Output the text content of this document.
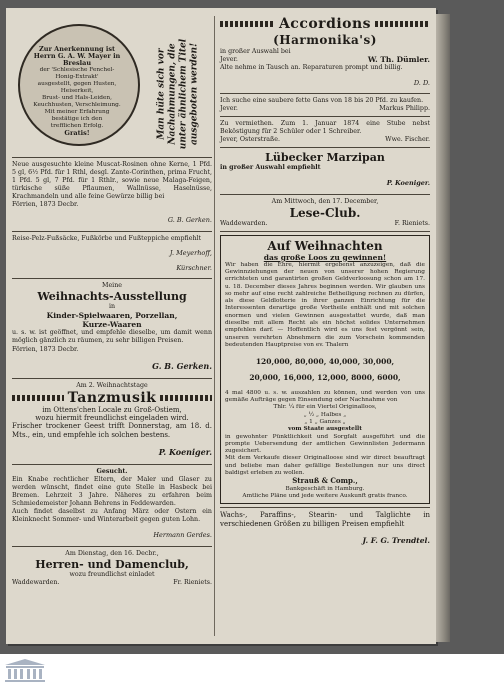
Zur Anerkennung ist Herrn G. A. W. Mayer in Breslau
der 'Schlesische Fenchel-Honig-Extrakt'
ausgestellt, gegen Husten, Heiserkeit,
Brust- und Hals-Leiden,
Keuchhusten, Verschleimung.
Mit meiner Erfahrung
bestätige ich den
trefflichen Erfolg.
Gratis!	Man hüte sich vor Nachahmungen, die unter ähnlichem Titel ausgeboten werden!

Neue ausgesuchte kleine Muscat-Rosinen ohne Kerne, 1 Pfd. 5 gl, 6½ Pfd. für 1 Rthl, desgl. Zante-Corinthen, prima Frucht, 1 Pfd. 5 gl, 7 Pfd. für 1 Rthlr., sowie neue Malaga-Feigen, türkische süße Pflaumen, Wallnüsse, Haselnüsse, Krachmandeln und alle feine Gewürze billig bei

Förrien, 1873 Decbr.

G. B. Gerken.

Reise-Pelz-Fußsäcke, Fußkörbe und Fußteppiche empfiehlt

J. Meyerhoff,

Kürschner.

Meine

Weihnachts-Ausstellung

in

Kinder-Spielwaaren, Porzellan,

Kurze-Waaren

u. s. w. ist geöffnet, und empfehle dieselbe, um damit wenn möglich gänzlich zu räumen, zu sehr billigen Preisen.

Förrien, 1873 Decbr.

G. B. Gerken.

Am 2. Weihnachtstage

Tanzmusik

im Ottens'chen Locale zu Groß-Ostiem,

wozu hiermit freundlichst eingeladen wird.

Frischer trockener Geest trifft Donnerstag, am 18. d. Mts., ein, und empfehle ich solchen bestens.

P. Koeniger.

Gesucht.

Ein Knabe rechtlicher Eltern, der Maler und Glaser zu werden wünscht, findet eine gute Stelle in Hasbeck bei Bremen. Lehrzeit 3 Jahre. Näheres zu erfahren beim Schmiedemeister Johann Behrens in Feddewarden.

Auch findet daselbst zu Anfang März oder Ostern ein Kleinknecht Sommer- und Winterarbeit gegen guten Lohn.

Hermann Gerdes.

Am Dienstag, den 16. Decbr.,

Herren- und Damenclub,

wozu freundlichst einladet

Waddewarden.	Fr. Rieniets.
Accordions
(Harmonika's)

in großer Auswahl bei

Jever.	W. Th. Dümler.

Alte nehme in Tausch an. Reparaturen prompt und billig.

D. D.

Ich suche eine saubere fette Gans von 18 bis 20 Pfd. zu kaufen.

Jever.	Markus Philipp.

Zu vermiethen. Zum 1. Januar 1874 eine Stube nebst Beköstigung für 2 Schüler oder 1 Schreiber.

Jever, Osterstraße.	Wwe. Fischer.
Lübecker Marzipan

in großer Auswahl empfiehlt

P. Koeniger.

Am Mittwoch, den 17. December,

Lese-Club.
Waddewarden.	F. Rieniets.
Auf Weihnachten

das große Loos zu gewinnen!

Wir haben die Ehre, hiermit ergebenst anzuzeigen, daß die Gewinnziehungen der neuen von unserer hohen Regierung errichteten und garantirten großen Geldverloosung schon am 17. u. 18. December dieses Jahres beginnen werden. Wir glauben uns so mehr auf eine recht zahlreiche Betheiligung rechnen zu dürfen, als diese Geldlotterie in ihrer ganzen Einrichtung für die Interessenten derartige große Vortheile enthält und mit solchen enormen und vielen Gewinnen ausgestattet wurde, daß man dieselbe mit allem Recht als ein höchst solides Unternehmen empfehlen darf. — Hoffentlich wird es uns fest vergönnt sein, unseren verehrten Abnehmern die zum Vorschein kommenden bedeutenden Hauptpreise von ev. Thalern

120,000, 80,000, 40,000, 30,000,

20,000, 16,000, 12,000, 8000, 6000,

4 mal 4800 u. s. w. auszahlen zu können, und werden von uns gemäße Aufträge gegen Einsendung oder Nachnahme von

Thlr. ¼ für ein Viertel Originalloos,

„ ½ „ Halbes „

„ 1 „ Ganzes „

vom Staate ausgestellt

in gewohnter Pünktlichkeit und Sorgfalt ausgeführt und die prompte Uebersendung der amtlichen Gewinnlisten Jedermann zugesichert.

Mit dem Verkaufe dieser Originalloose sind wir direct beauftragt und beliebe man daher gefällige Bestellungen nur uns direct baldigst erleben zu wollen.

Strauß & Comp.,

Bankgeschäft in Hamburg.

Amtliche Pläne und jede weitere Auskunft gratis franco.

Wachs-, Paraffins-, Stearin- und Talglichte in verschiedenen Größen zu billigen Preisen empfiehlt

J. F. G. Trendtel.
